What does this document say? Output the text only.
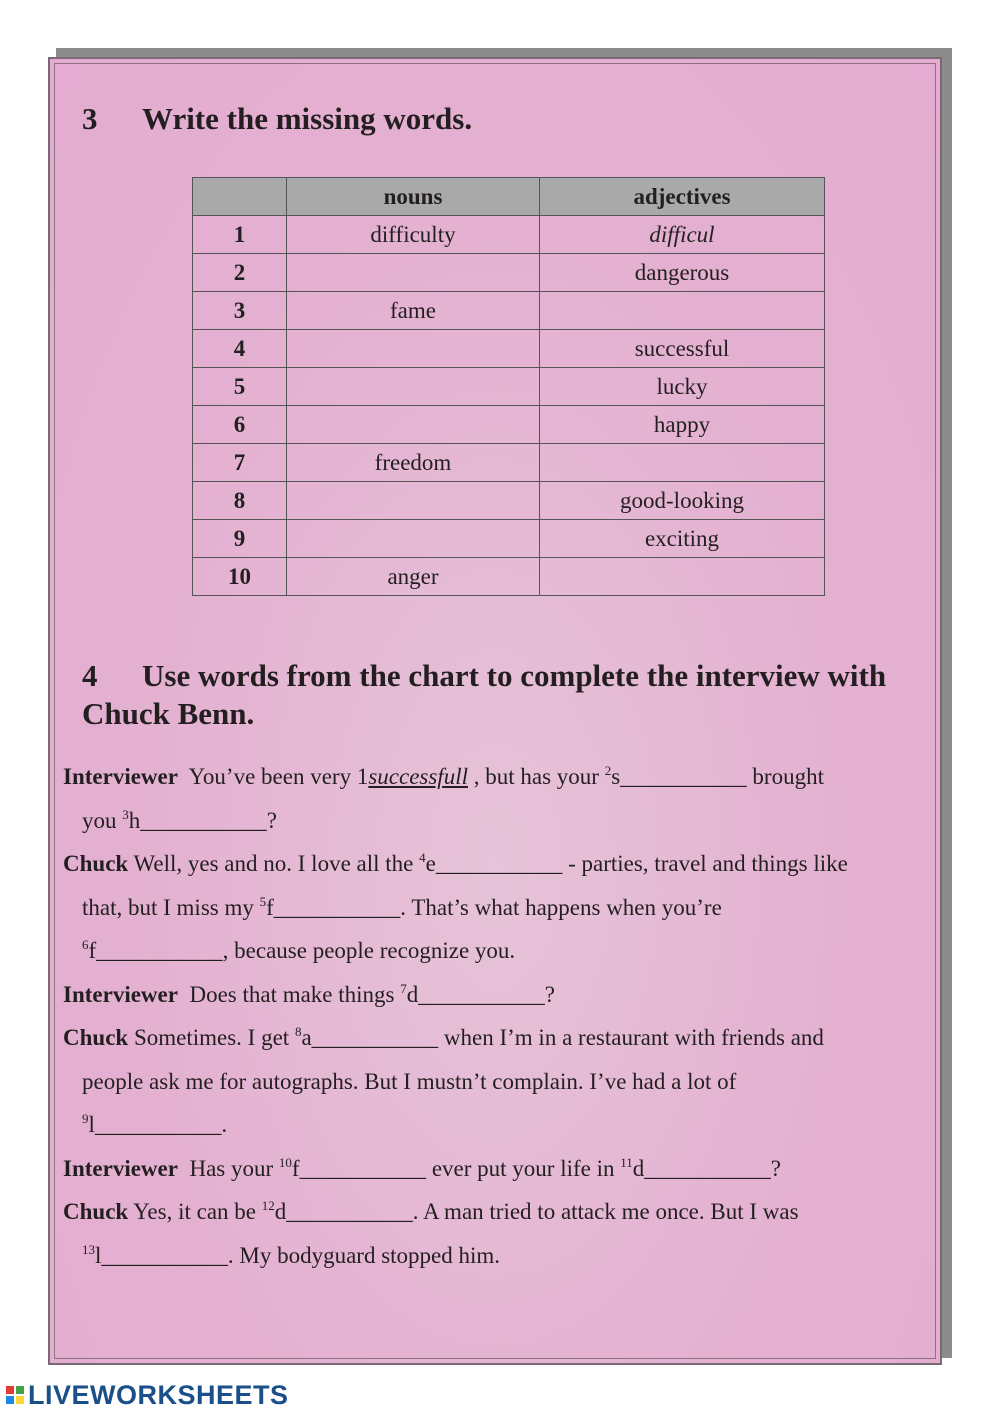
3 Write the missing words.
	nouns	adjectives
1	difficulty	difficul
2		dangerous
3	fame	
4		successful
5		lucky
6		happy
7	freedom	
8		good-looking
9		exciting
10	anger	
4 Use words from the chart to complete the interview with Chuck Benn.
Interviewer You’ve been very 1successfull , but has your $^2$s___________ brought
you $^3$h___________?
Chuck Well, yes and no. I love all the $^4$e___________ - parties, travel and things like
that, but I miss my $^5$f___________. That’s what happens when you’re
$^6$f___________, because people recognize you.
Interviewer Does that make things $^7$d___________?
Chuck Sometimes. I get $^8$a___________ when I’m in a restaurant with friends and
people ask me for autographs. But I mustn’t complain. I’ve had a lot of
$^9$l___________.
Interviewer Has your $^{10}$f___________ ever put your life in $^{11}$d___________?
Chuck Yes, it can be $^{12}$d___________. A man tried to attack me once. But I was
$^{13}$l___________. My bodyguard stopped him.
LIVEWORKSHEETS
